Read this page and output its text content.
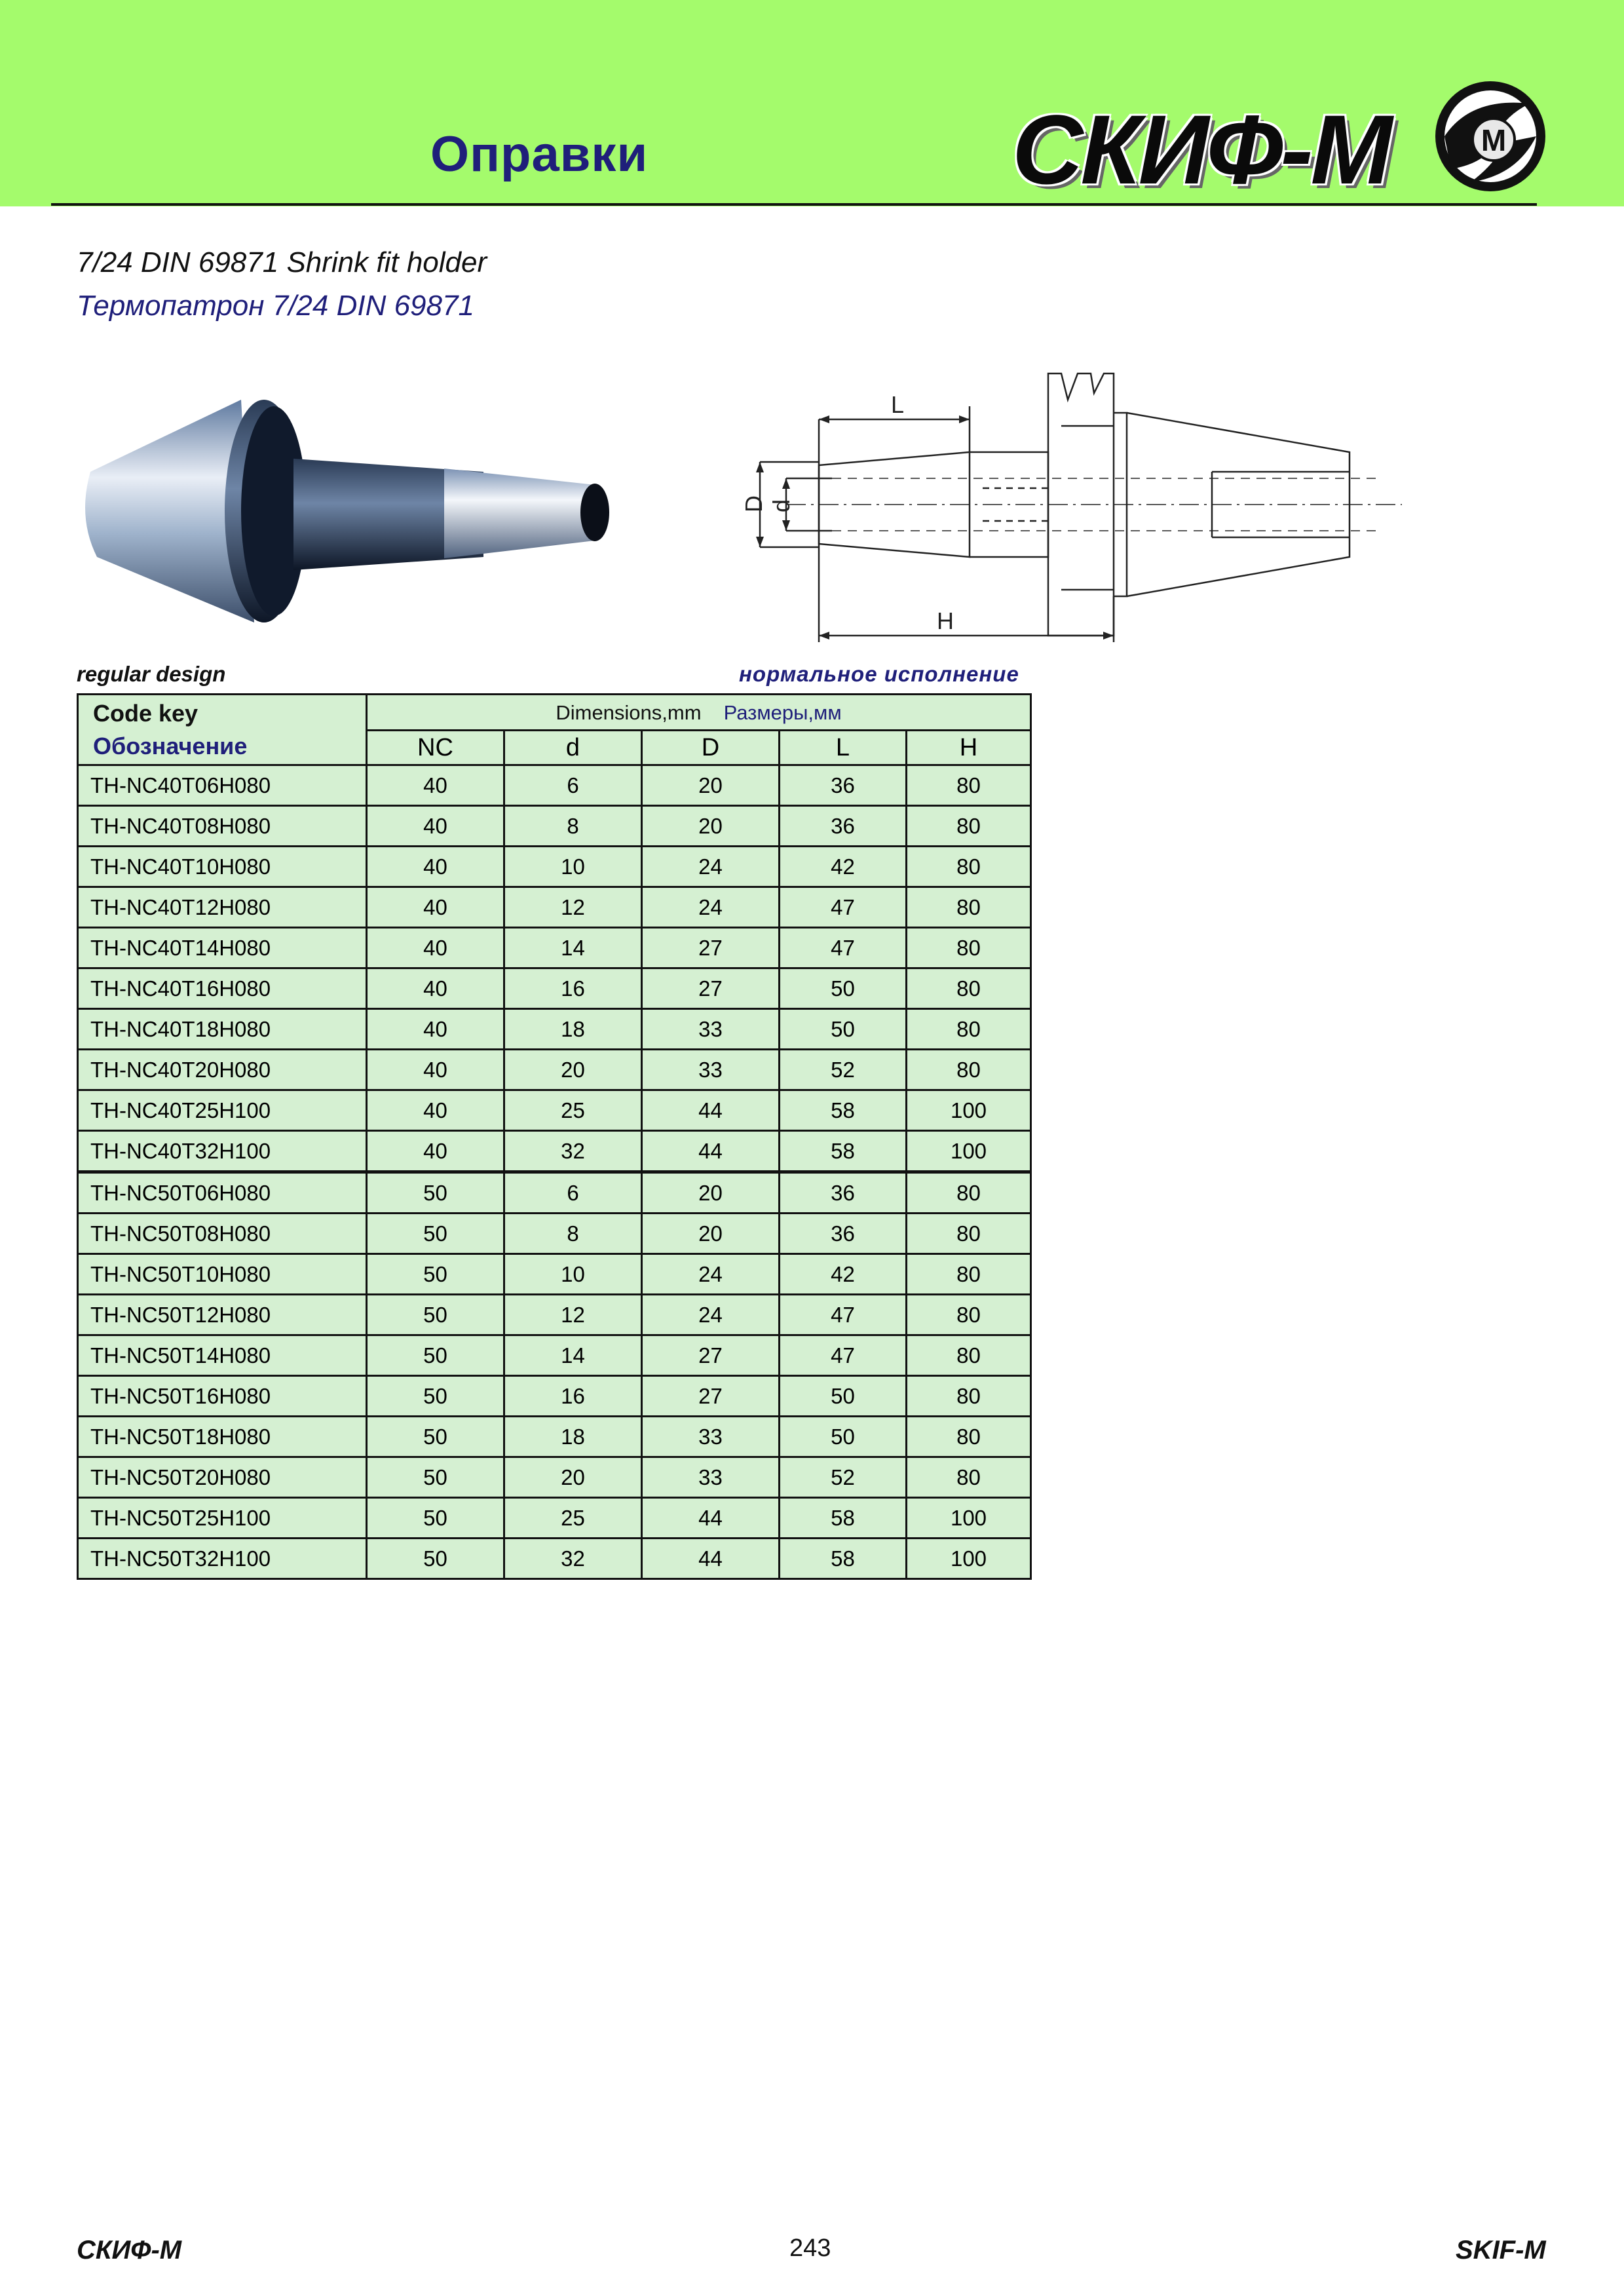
Оправки	СКИФ-М	M
7/24 DIN 69871 Shrink fit holder
Термопатрон 7/24 DIN 69871
L
D d
H
regular design	нормальное исполнение
Code key
Обозначение	Dimensions,mm Размеры,мм				
	NC	d	D	L	H
TH-NC40T06H080	40	6	20	36	80
TH-NC40T08H080	40	8	20	36	80
TH-NC40T10H080	40	10	24	42	80
TH-NC40T12H080	40	12	24	47	80
TH-NC40T14H080	40	14	27	47	80
TH-NC40T16H080	40	16	27	50	80
TH-NC40T18H080	40	18	33	50	80
TH-NC40T20H080	40	20	33	52	80
TH-NC40T25H100	40	25	44	58	100
TH-NC40T32H100	40	32	44	58	100
TH-NC50T06H080	50	6	20	36	80
TH-NC50T08H080	50	8	20	36	80
TH-NC50T10H080	50	10	24	42	80
TH-NC50T12H080	50	12	24	47	80
TH-NC50T14H080	50	14	27	47	80
TH-NC50T16H080	50	16	27	50	80
TH-NC50T18H080	50	18	33	50	80
TH-NC50T20H080	50	20	33	52	80
TH-NC50T25H100	50	25	44	58	100
TH-NC50T32H100	50	32	44	58	100
СКИФ-М	243	SKIF-M
